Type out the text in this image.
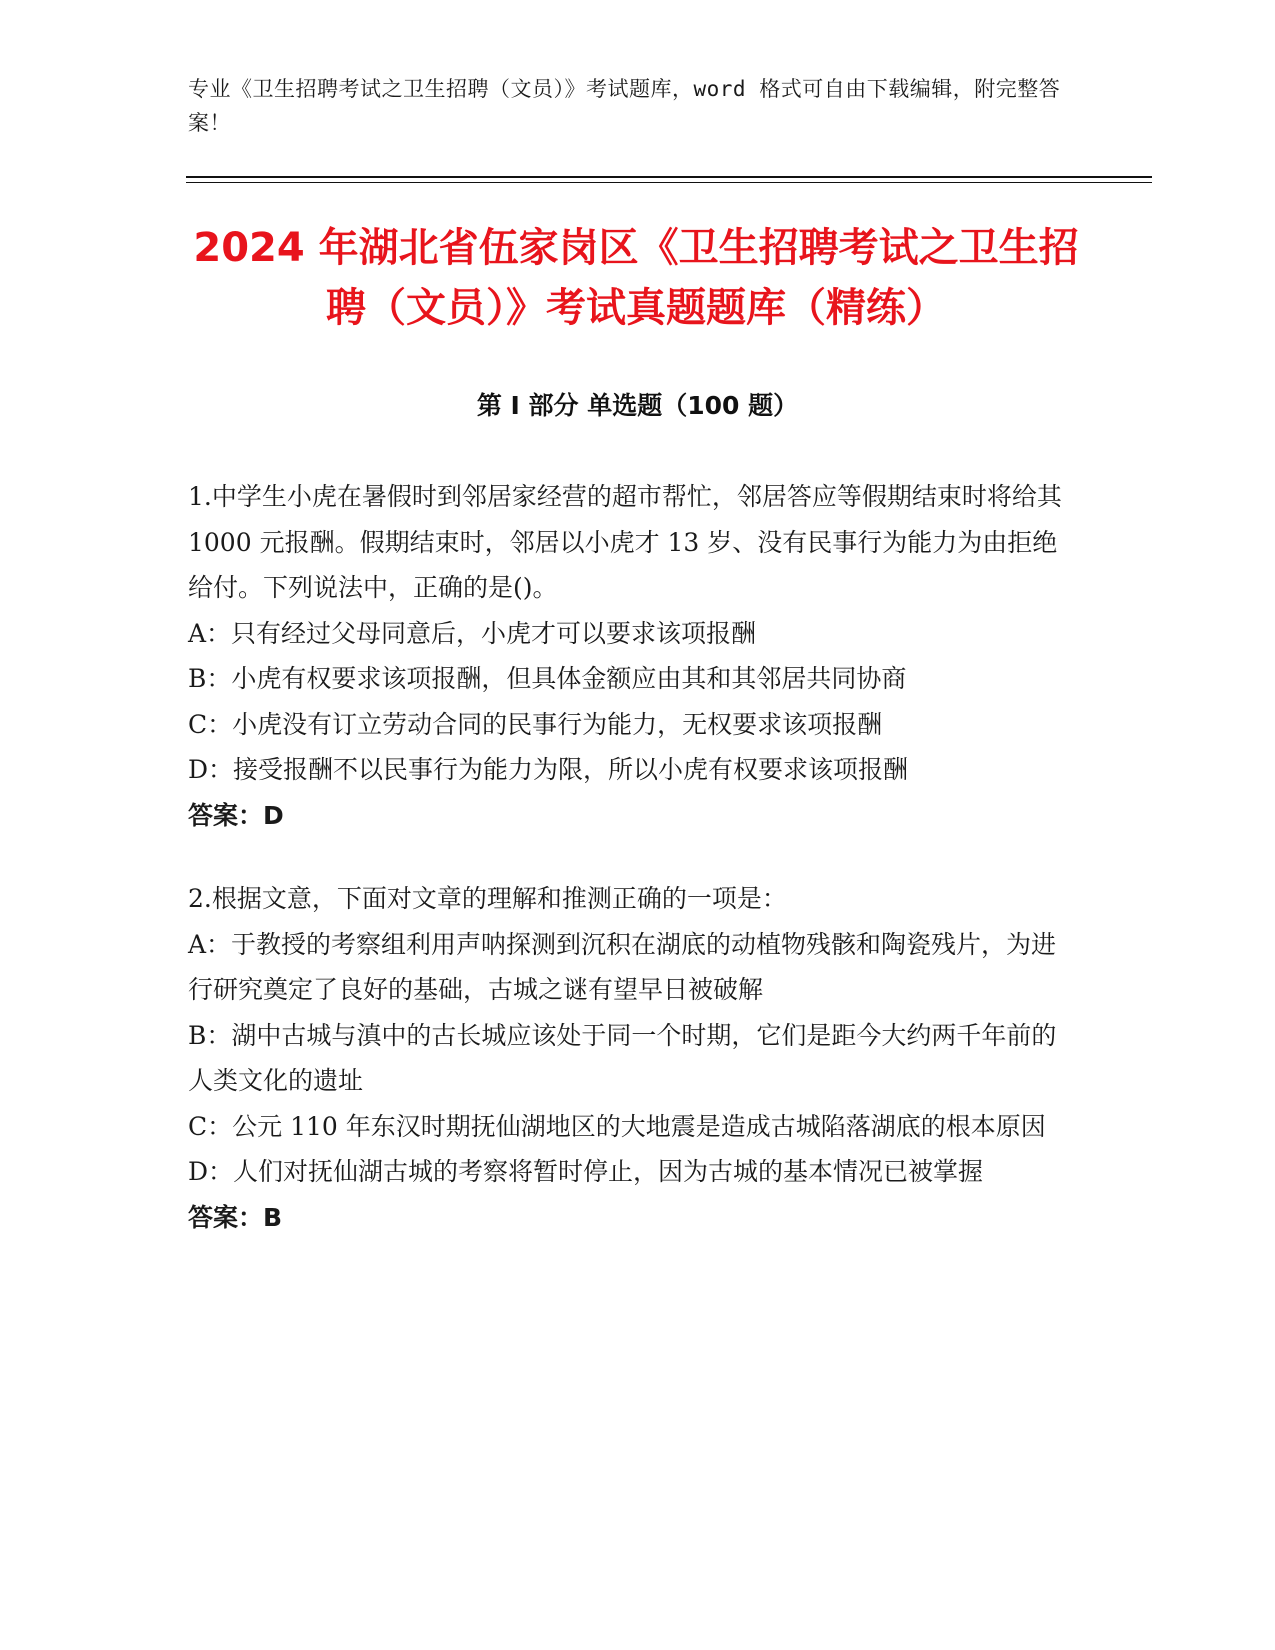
专业《卫生招聘考试之卫生招聘（文员）》考试题库，word 格式可自由下载编辑，附完整答案！
2024 年湖北省伍家岗区《卫生招聘考试之卫生招聘（文员）》考试真题题库（精练）
第 I 部分 单选题（100 题）

1.中学生小虎在暑假时到邻居家经营的超市帮忙，邻居答应等假期结束时将给其 1000 元报酬。假期结束时，邻居以小虎才 13 岁、没有民事行为能力为由拒绝给付。下列说法中，正确的是()。

A：只有经过父母同意后，小虎才可以要求该项报酬

B：小虎有权要求该项报酬，但具体金额应由其和其邻居共同协商

C：小虎没有订立劳动合同的民事行为能力，无权要求该项报酬

D：接受报酬不以民事行为能力为限，所以小虎有权要求该项报酬

答案：D

2.根据文意，下面对文章的理解和推测正确的一项是：

A：于教授的考察组利用声呐探测到沉积在湖底的动植物残骸和陶瓷残片，为进行研究奠定了良好的基础，古城之谜有望早日被破解

B：湖中古城与滇中的古长城应该处于同一个时期，它们是距今大约两千年前的人类文化的遗址

C：公元 110 年东汉时期抚仙湖地区的大地震是造成古城陷落湖底的根本原因

D：人们对抚仙湖古城的考察将暂时停止，因为古城的基本情况已被掌握

答案：B
